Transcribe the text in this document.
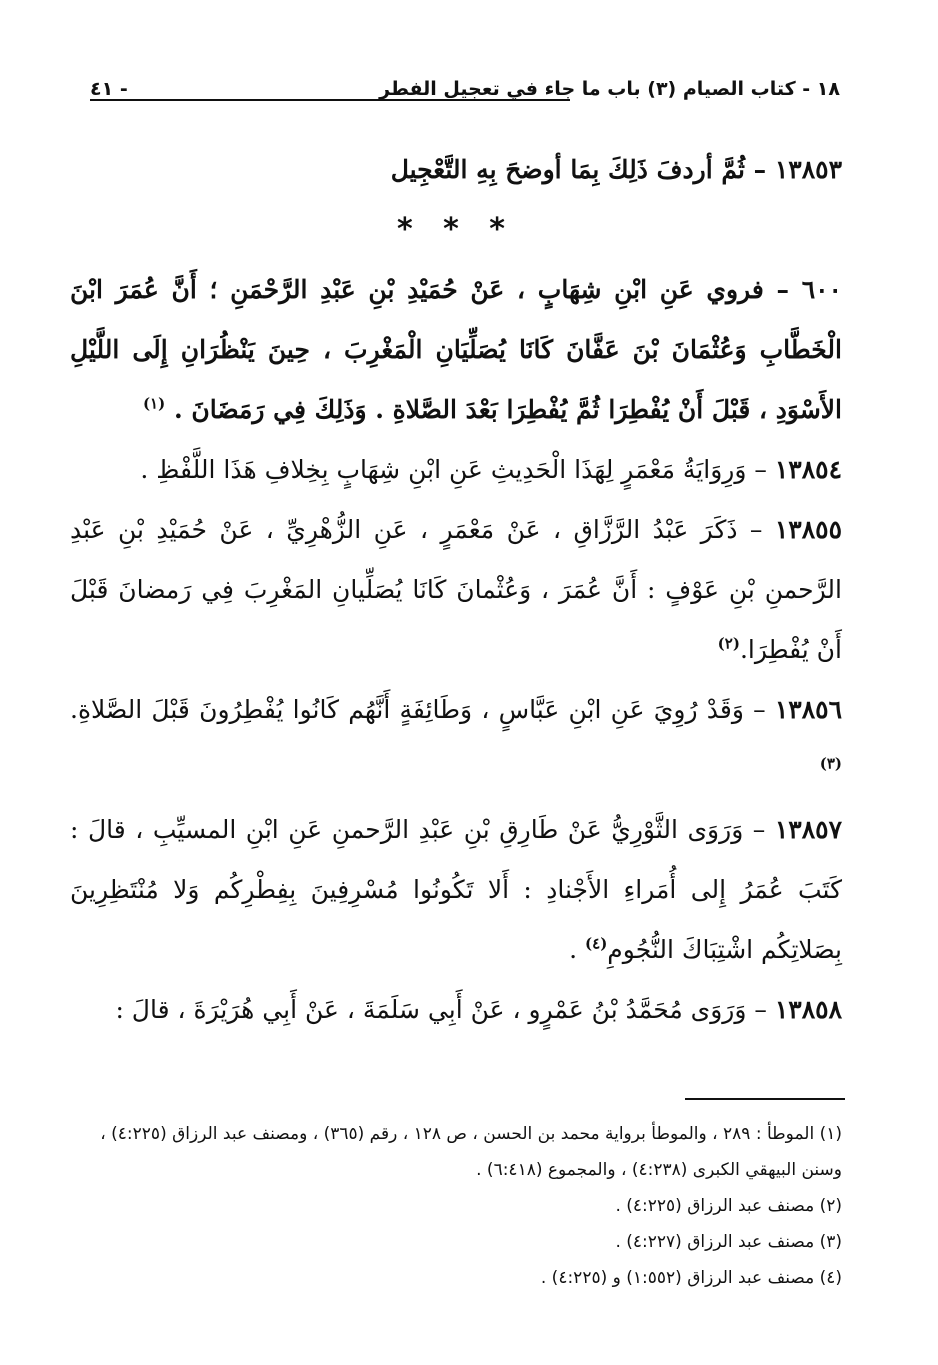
١٨ - كتاب الصيام (٣) باب ما جاء في تعجيل الفطر
- ٤١

١٣٨٥٣ – ثُمَّ أردفَ ذَلِكَ بِمَا أوضحَ بِهِ التَّعْجِيل

* * *

٦٠٠ – فروي عَنِ ابْنِ شِهَابٍ ، عَنْ حُمَيْدِ بْنِ عَبْدِ الرَّحْمَنِ ؛ أَنَّ عُمَرَ ابْنَ الْخَطَّابِ وَعُثْمَانَ بْنَ عَفَّانَ كَانَا يُصَلِّيَانِ الْمَغْرِبَ ، حِينَ يَنْظُرَانِ إِلَى اللَّيْلِ الأَسْوَدِ ، قَبْلَ أَنْ يُفْطِرَا ثُمَّ يُفْطِرَا بَعْدَ الصَّلاةِ . وَذَلِكَ فِي رَمَضَانَ . $^{(١)}$

١٣٨٥٤ – وَرِوَايَةُ مَعْمَرٍ لِهَذَا الْحَدِيثِ عَنِ ابْنِ شِهَابٍ بِخِلافِ هَذَا اللَّفْظِ .

١٣٨٥٥ – ذَكَرَ عَبْدُ الرَّزَّاقِ ، عَنْ مَعْمَرٍ ، عَنِ الزُّهْرِيِّ ، عَنْ حُمَيْدِ بْنِ عَبْدِ الرَّحمنِ بْنِ عَوْفٍ : أَنَّ عُمَرَ ، وَعُثْمانَ كَانَا يُصَلِّيانِ المَغْرِبَ فِي رَمضانَ قَبْلَ أَنْ يُفْطِرَا.$^{(٢)}$

١٣٨٥٦ – وَقَدْ رُوِيَ عَنِ ابْنِ عَبَّاسٍ ، وَطَائِفَةٍ أَنَّهُم كَانُوا يُفْطِرُونَ قَبْلَ الصَّلاةِ.$^{(٣)}$

١٣٨٥٧ – وَرَوَى الثَّوْرِيُّ عَنْ طَارِقِ بْنِ عَبْدِ الرَّحمنِ عَنِ ابْنِ المسيِّبِ ، قالَ : كَتَبَ عُمَرُ إِلى أُمَراءِ الأَجْنادِ : أَلا تَكُونُوا مُسْرِفِينَ بِفِطْرِكُم وَلا مُنْتَظِرِينَ بِصَلاتِكُم اشْتِبَاكَ النُّجُومِ$^{(٤)}$ .

١٣٨٥٨ – وَرَوَى مُحَمَّدُ بْنُ عَمْرٍو ، عَنْ أَبِي سَلَمَةَ ، عَنْ أَبِي هُرَيْرَةَ ، قالَ :

(١) الموطأ : ٢٨٩ ، والموطأ برواية محمد بن الحسن ، ص ١٢٨ ، رقم (٣٦٥) ، ومصنف عبد الرزاق (٤:٢٢٥) ، وسنن البيهقي الكبرى (٤:٢٣٨) ، والمجموع (٦:٤١٨) .

(٢) مصنف عبد الرزاق (٤:٢٢٥) .

(٣) مصنف عبد الرزاق (٤:٢٢٧) .

(٤) مصنف عبد الرزاق (١:٥٥٢) و (٤:٢٢٥) .
